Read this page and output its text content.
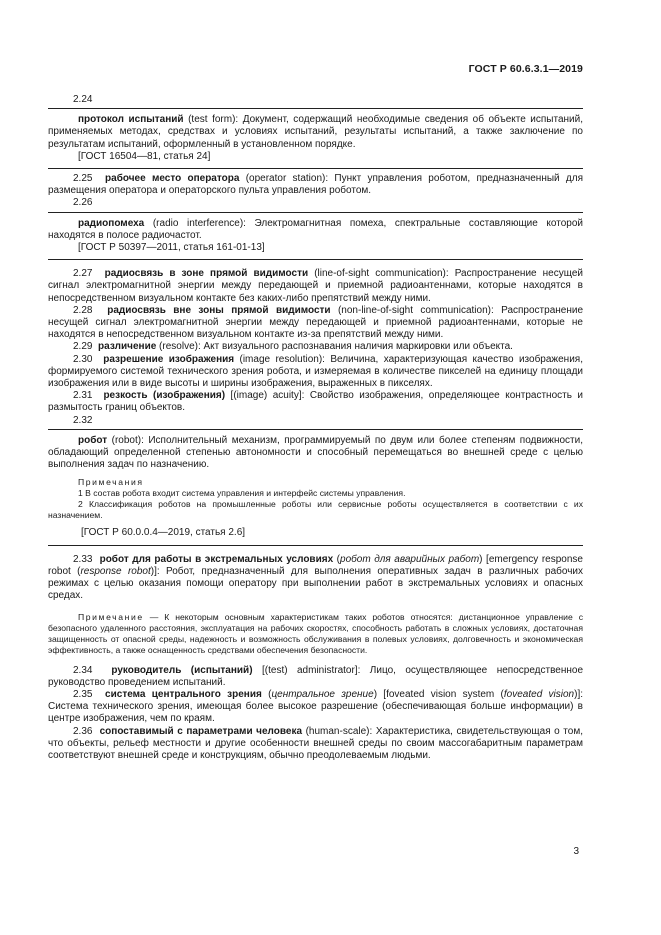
ГОСТ Р 60.6.3.1—2019
2.24

протокол испытаний (test form): Документ, содержащий необходимые сведения об объекте испытаний, применяемых методах, средствах и условиях испытаний, результаты испытаний, а также заключение по результатам испытаний, оформленный в установленном порядке.

[ГОСТ 16504—81, статья 24]

2.25 рабочее место оператора (operator station): Пункт управления роботом, предназначенный для размещения оператора и операторского пульта управления роботом.

2.26

радиопомеха (radio interference): Электромагнитная помеха, спектральные составляющие которой находятся в полосе радиочастот.

[ГОСТ Р 50397—2011, статья 161-01-13]

2.27 радиосвязь в зоне прямой видимости (line-of-sight communication): Распространение несущей сигнал электромагнитной энергии между передающей и приемной радиоантеннами, которые находятся в непосредственном визуальном контакте без каких-либо препятствий между ними.

2.28 радиосвязь вне зоны прямой видимости (non-line-of-sight communication): Распространение несущей сигнал электромагнитной энергии между передающей и приемной радиоантеннами, которые не находятся в непосредственном визуальном контакте из-за препятствий между ними.

2.29 различение (resolve): Акт визуального распознавания наличия маркировки или объекта.

2.30 разрешение изображения (image resolution): Величина, характеризующая качество изображения, формируемого системой технического зрения робота, и измеряемая в количестве пикселей на единицу площади изображения или в виде высоты и ширины изображения, выраженных в пикселях.

2.31 резкость (изображения) [(image) acuity]: Свойство изображения, определяющее контрастность и размытость границ объектов.

2.32

робот (robot): Исполнительный механизм, программируемый по двум или более степеням подвижности, обладающий определенной степенью автономности и способный перемещаться во внешней среде с целью выполнения задач по назначению.

Примечания

1 В состав робота входит система управления и интерфейс системы управления.

2 Классификация роботов на промышленные роботы или сервисные роботы осуществляется в соответствии с их назначением.

[ГОСТ Р 60.0.0.4—2019, статья 2.6]

2.33 робот для работы в экстремальных условиях (робот для аварийных работ) [emergency response robot (response robot)]: Робот, предназначенный для выполнения оперативных задач в различных рабочих режимах с целью оказания помощи оператору при выполнении работ в экстремальных условиях и опасных средах.

Примечание — К некоторым основным характеристикам таких роботов относятся: дистанционное управление с безопасного удаленного расстояния, эксплуатация на рабочих скоростях, способность работать в сложных условиях, достаточная защищенность от опасной среды, надежность и возможность обслуживания в полевых условиях, долговечность и экономическая эффективность, а также оснащенность средствами обеспечения безопасности.

2.34 руководитель (испытаний) [(test) administrator]: Лицо, осуществляющее непосредственное руководство проведением испытаний.

2.35 система центрального зрения (центральное зрение) [foveated vision system (foveated vision)]: Система технического зрения, имеющая более высокое разрешение (обеспечивающая больше информации) в центре изображения, чем по краям.

2.36 сопоставимый с параметрами человека (human-scale): Характеристика, свидетельствующая о том, что объекты, рельеф местности и другие особенности внешней среды по своим массогабаритным параметрам соответствуют внешней среде и конструкциям, обычно преодолеваемым людьми.

3
